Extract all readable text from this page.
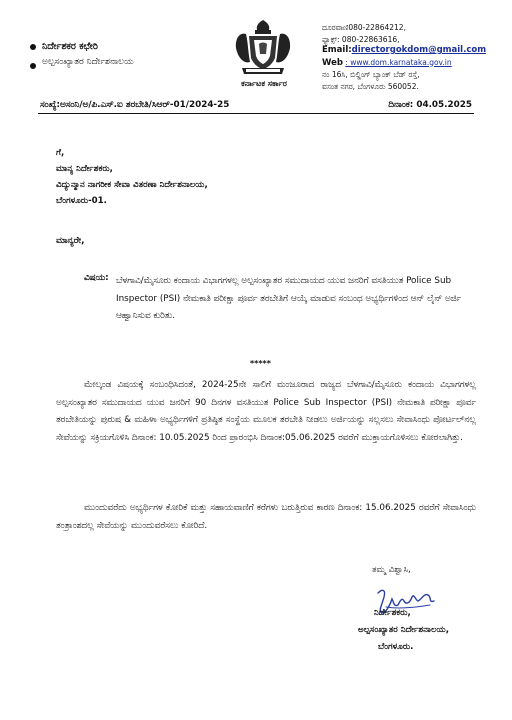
ನಿರ್ದೇಶಕರ ಕಛೇರಿ
ಅಲ್ಪಸಂಖ್ಯಾತರ ನಿರ್ದೇಶನಾಲಯ
ಕರ್ನಾಟಕ ಸರ್ಕಾರ
ದೂರವಾಣಿ080-22864212,
ಫ್ಯಾಕ್ಸ್: 080-22863616,
Email:directorgokdom@gmail.com
Web : www.dom.karnataka.gov.in
ನಂ 16ಸಿ, ಬಿಲ್ಡಿಂಗ್ ಬ್ಯಾಂಕ್ ಬೆಡ್ ರಸ್ತೆ,
ವಸಂತ ನಗರ, ಬೆಂಗಳೂರು 560052.
ಸಂಖ್ಯೆ:ಅಸಂನಿ/ಅ/ಪಿ.ಎಸ್.ಐ ತರಬೇತಿ/ಸಿಆರ್-01/2024-25	ದಿನಾಂಕ: 04.05.2025
ಗೆ,
ಮಾನ್ಯ ನಿರ್ದೇಶಕರು,
ವಿದ್ಯುನ್ಮಾನ ನಾಗರೀಕ ಸೇವಾ ವಿತರಣಾ ನಿರ್ದೇಶನಾಲಯ,
ಬೆಂಗಳೂರು-01.
ಮಾನ್ಯರೇ,
ವಿಷಯ: ಬೆಳಗಾವಿ/ಮೈಸೂರು ಕಂದಾಯ ವಿಭಾಗಗಳಲ್ಲ ಅಲ್ಪಸಂಖ್ಯಾತರ ಸಮುದಾಯದ ಯುವ ಜನರಿಗೆ ವಸತಿಯುತ Police Sub Inspector (PSI) ನೇಮಕಾತಿ ಪರೀಕ್ಷಾ ಪೂರ್ವ ತರಬೇತಿಗೆ ಆಯ್ಕೆ ಮಾಡುವ ಸಂಬಂಧ ಅಭ್ಯರ್ಥಿಗಳಿಂದ ಆನ್ ಲೈನ್ ಅರ್ಜಿ ಆಹ್ವಾನಿಸುವ ಕುರಿತು.
*****
ಮೇಲ್ಕಂಡ ವಿಷಯಕ್ಕೆ ಸಂಬಂಧಿಸಿದಂತೆ, 2024-25ನೇ ಸಾಲಿಗೆ ಮಂಜೂರಾದ ರಾಜ್ಯದ ಬೆಳಗಾವಿ/ಮೈಸೂರು ಕಂದಾಯ ವಿಭಾಗಗಳಲ್ಲ ಅಲ್ಪಸಂಖ್ಯಾತರ ಸಮುದಾಯದ ಯುವ ಜನರಿಗೆ 90 ದಿನಗಳ ವಸತಿಯುತ Police Sub Inspector (PSI) ನೇಮಕಾತಿ ಪರೀಕ್ಷಾ ಪೂರ್ವ ತರಬೇತಿಯನ್ನು ಪುರುಷ & ಮಹಿಳಾ ಅಭ್ಯರ್ಥಿಗಳಿಗೆ ಪ್ರತಿಷ್ಠಿತ ಸಂಸ್ಥೆಯ ಮೂಲಕ ತರಬೇತಿ ನೀಡಲು ಅರ್ಜಿಯನ್ನು ಸಲ್ಲಸಲು ಸೇವಾಸಿಂಧು ಪೋರ್ಟಲ್‌ನಲ್ಲ ಸೇವೆಯನ್ನು ಸಕ್ರಿಯಗೊಳಿಸಿ ದಿನಾಂಕ: 10.05.2025 ರಿಂದ ಪ್ರಾರಂಭಿಸಿ ದಿನಾಂಕ:05.06.2025 ರವರೆಗೆ ಮುಕ್ತಾಯಗೊಳಿಸಲು ಕೋರಲಾಗಿತ್ತು.
ಮುಂದುವರೆದು ಅಭ್ಯರ್ಥಿಗಳ ಕೋರಿಕೆ ಮತ್ತು ಸಹಾಯವಾಣಿಗೆ ಕರೆಗಳು ಬರುತ್ತಿರುವ ಕಾರಣ ದಿನಾಂಕ: 15.06.2025 ರವರೆಗೆ ಸೇವಾಸಿಂಧು ತಂತ್ರಾಂಶದಲ್ಲ ಸೇವೆಯನ್ನು ಮುಂದುವರೆಸಲು ಕೋರಿದೆ.
ತಮ್ಮ ವಿಶ್ವಾಸಿ,
ನಿರ್ದೇಶಕರು,
ಅಲ್ಪಸಂಖ್ಯಾತರ ನಿರ್ದೇಶನಾಲಯ,
ಬೆಂಗಳೂರು.
